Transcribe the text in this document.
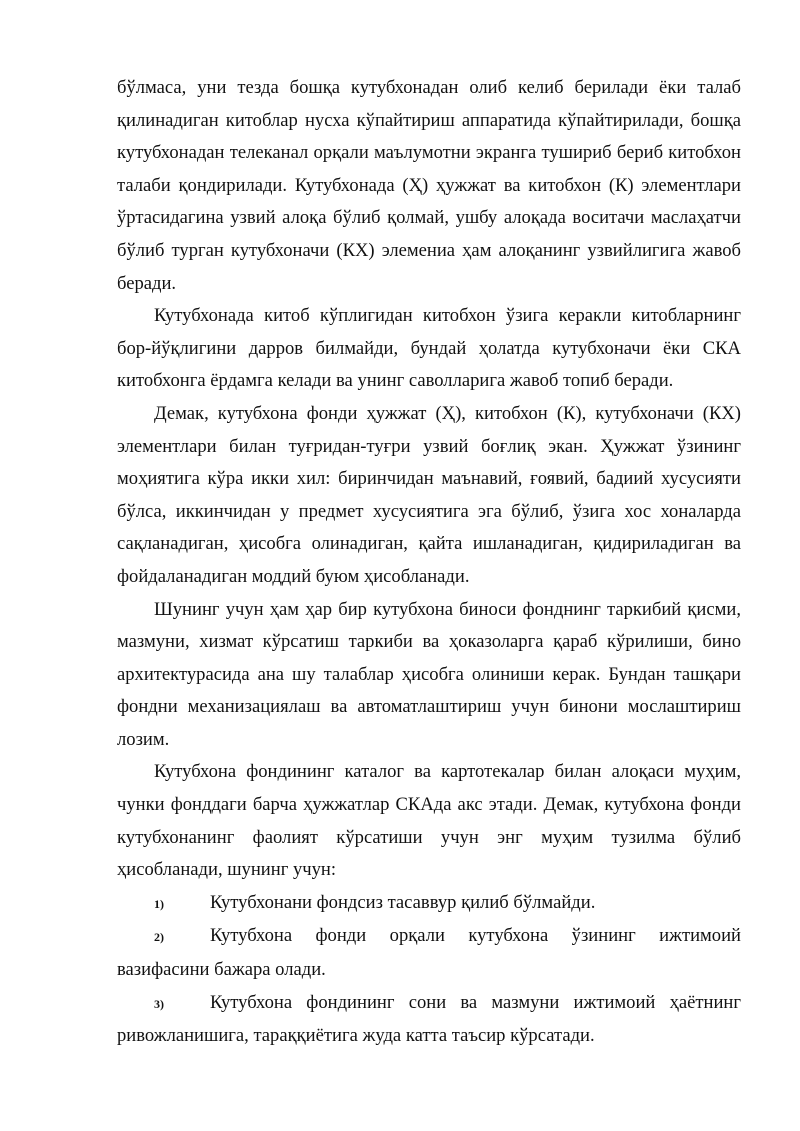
бўлмаса, уни тезда бошқа кутубхонадан олиб келиб берилади ёки талаб қилинадиган китоблар нусха кўпайтириш аппаратида кўпайтирилади, бошқа кутубхонадан телеканал орқали маълумотни экранга тушириб бериб китобхон талаби қондирилади. Кутубхонада (Ҳ) ҳужжат ва китобхон (К) элементлари ўртасидагина узвий алоқа бўлиб қолмай, ушбу алоқада воситачи маслаҳатчи бўлиб турган кутубхоначи (КХ) элемениа ҳам алоқанинг узвийлигига жавоб беради.

Кутубхонада китоб кўплигидан китобхон ўзига керакли китобларнинг бор-йўқлигини дарров билмайди, бундай ҳолатда кутубхоначи ёки СКА китобхонга ёрдамга келади ва унинг саволларига жавоб топиб беради.

Демак, кутубхона фонди ҳужжат (Ҳ), китобхон (К), кутубхоначи (КХ) элементлари билан туғридан-туғри узвий боғлиқ экан. Ҳужжат ўзининг моҳиятига кўра икки хил: биринчидан маънавий, ғоявий, бадиий хусусияти бўлса, иккинчидан у предмет хусусиятига эга бўлиб, ўзига хос хоналарда сақланадиган, ҳисобга олинадиган, қайта ишланадиган, қидириладиган ва фойдаланадиган моддий буюм ҳисобланади.

Шунинг учун ҳам ҳар бир кутубхона биноси фонднинг таркибий қисми, мазмуни, хизмат кўрсатиш таркиби ва ҳоказоларга қараб кўрилиши, бино архитектурасида ана шу талаблар ҳисобга олиниши керак. Бундан ташқари фондни механизациялаш ва автоматлаштириш учун бинони мослаштириш лозим.

Кутубхона фондининг каталог ва картотекалар билан алоқаси муҳим, чунки фонддаги барча ҳужжатлар СКАда акс этади. Демак, кутубхона фонди кутубхонанинг фаолият кўрсатиши учун энг муҳим тузилма бўлиб ҳисобланади, шунинг учун:

1) Кутубхонани фондсиз тасаввур қилиб бўлмайди.

2) Кутубхона фонди орқали кутубхона ўзининг ижтимоий вазифасини бажара олади.

3) Кутубхона фондининг сони ва мазмуни ижтимоий ҳаётнинг ривожланишига, тараққиётига жуда катта таъсир кўрсатади.
